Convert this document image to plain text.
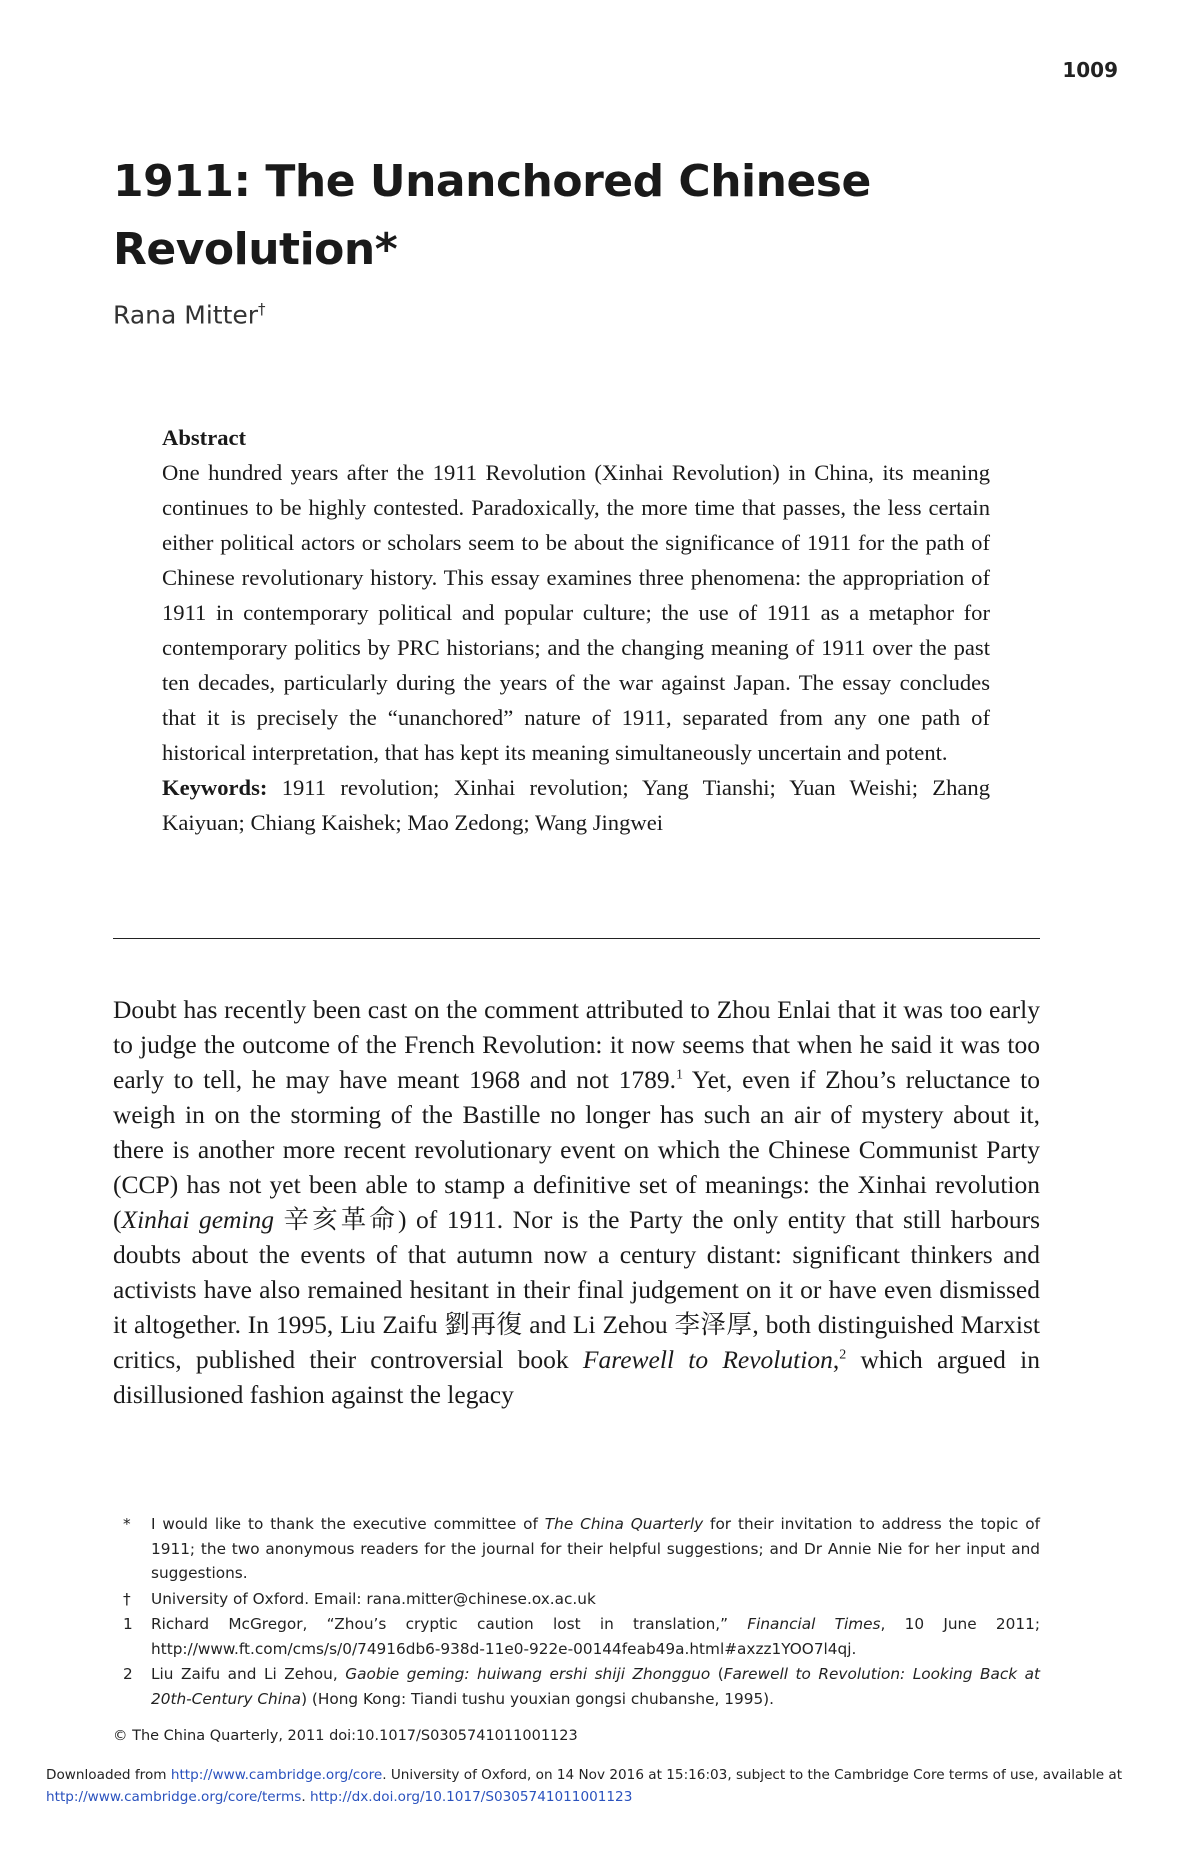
1009
1911: The Unanchored Chinese Revolution*
Rana Mitter†
Abstract

One hundred years after the 1911 Revolution (Xinhai Revolution) in China, its meaning continues to be highly contested. Paradoxically, the more time that passes, the less certain either political actors or scholars seem to be about the significance of 1911 for the path of Chinese revolutionary history. This essay examines three phenomena: the appropriation of 1911 in contemporary political and popular culture; the use of 1911 as a metaphor for contemporary politics by PRC historians; and the changing meaning of 1911 over the past ten decades, particularly during the years of the war against Japan. The essay concludes that it is precisely the “unanchored” nature of 1911, separated from any one path of historical interpretation, that has kept its meaning simultaneously uncertain and potent.

Keywords: 1911 revolution; Xinhai revolution; Yang Tianshi; Yuan Weishi; Zhang Kaiyuan; Chiang Kaishek; Mao Zedong; Wang Jingwei

Doubt has recently been cast on the comment attributed to Zhou Enlai that it was too early to judge the outcome of the French Revolution: it now seems that when he said it was too early to tell, he may have meant 1968 and not 1789.$^1$ Yet, even if Zhou’s reluctance to weigh in on the storming of the Bastille no longer has such an air of mystery about it, there is another more recent revolutionary event on which the Chinese Communist Party (CCP) has not yet been able to stamp a definitive set of meanings: the Xinhai revolution (Xinhai geming 辛亥革命) of 1911. Nor is the Party the only entity that still harbours doubts about the events of that autumn now a century distant: significant thinkers and activists have also remained hesitant in their final judgement on it or have even dismissed it altogether. In 1995, Liu Zaifu 劉再復 and Li Zehou 李泽厚, both distinguished Marxist critics, published their controversial book Farewell to Revolution,$^2$ which argued in disillusioned fashion against the legacy

* I would like to thank the executive committee of The China Quarterly for their invitation to address the topic of 1911; the two anonymous readers for the journal for their helpful suggestions; and Dr Annie Nie for her input and suggestions.
† University of Oxford. Email: rana.mitter@chinese.ox.ac.uk
1 Richard McGregor, “Zhou’s cryptic caution lost in translation,” Financial Times, 10 June 2011; http://www.ft.com/cms/s/0/74916db6-938d-11e0-922e-00144feab49a.html#axzz1YOO7l4qj.
2 Liu Zaifu and Li Zehou, Gaobie geming: huiwang ershi shiji Zhongguo (Farewell to Revolution: Looking Back at 20th-Century China) (Hong Kong: Tiandi tushu youxian gongsi chubanshe, 1995).
© The China Quarterly, 2011 doi:10.1017/S0305741011001123
Downloaded from http://www.cambridge.org/core. University of Oxford, on 14 Nov 2016 at 15:16:03, subject to the Cambridge Core terms of use, available at http://www.cambridge.org/core/terms. http://dx.doi.org/10.1017/S0305741011001123
